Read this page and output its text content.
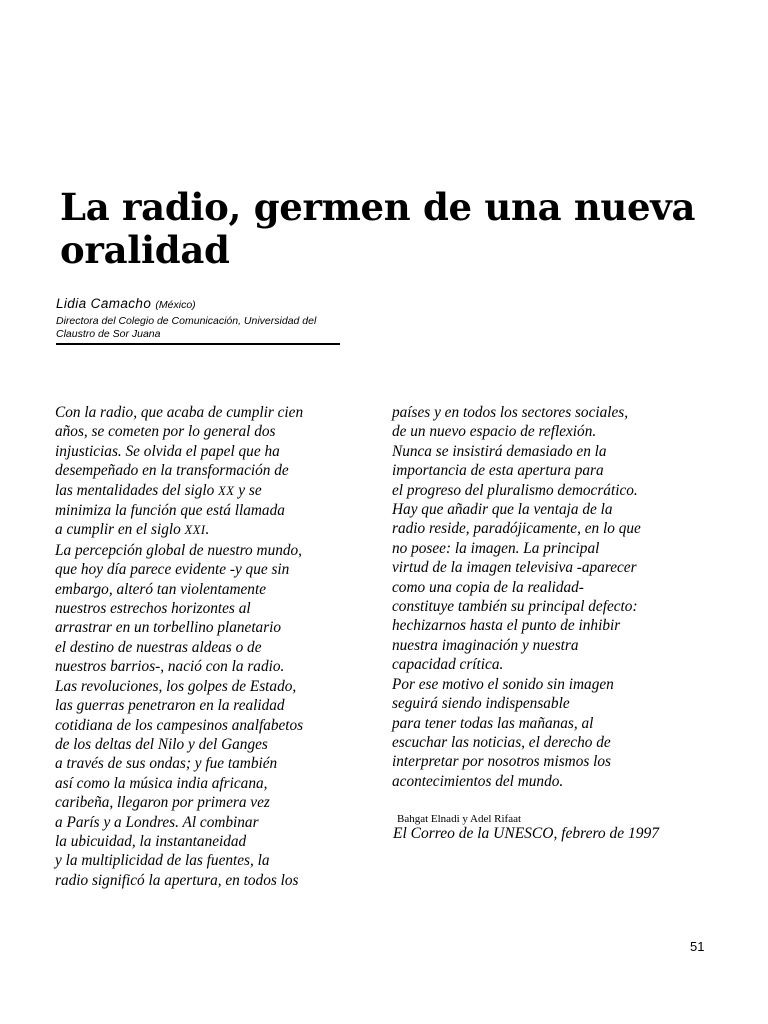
La radio, germen de una nueva
oralidad
Lidia Camacho (México)
Directora del Colegio de Comunicación, Universidad del
Claustro de Sor Juana
Con la radio, que acaba de cumplir cien
años, se cometen por lo general dos
injusticias. Se olvida el papel que ha
desempeñado en la transformación de
las mentalidades del siglo XX y se
minimiza la función que está llamada
a cumplir en el siglo XXI.
La percepción global de nuestro mundo,
que hoy día parece evidente -y que sin
embargo, alteró tan violentamente
nuestros estrechos horizontes al
arrastrar en un torbellino planetario
el destino de nuestras aldeas o de
nuestros barrios-, nació con la radio.
Las revoluciones, los golpes de Estado,
las guerras penetraron en la realidad
cotidiana de los campesinos analfabetos
de los deltas del Nilo y del Ganges
a través de sus ondas; y fue también
así como la música india africana,
caribeña, llegaron por primera vez
a París y a Londres. Al combinar
la ubicuidad, la instantaneidad
y la multiplicidad de las fuentes, la
radio significó la apertura, en todos los
países y en todos los sectores sociales,
de un nuevo espacio de reflexión.
Nunca se insistirá demasiado en la
importancia de esta apertura para
el progreso del pluralismo democrático.
Hay que añadir que la ventaja de la
radio reside, paradójicamente, en lo que
no posee: la imagen. La principal
virtud de la imagen televisiva -aparecer
como una copia de la realidad-
constituye también su principal defecto:
hechizarnos hasta el punto de inhibir
nuestra imaginación y nuestra
capacidad crítica.
Por ese motivo el sonido sin imagen
seguirá siendo indispensable
para tener todas las mañanas, al
escuchar las noticias, el derecho de
interpretar por nosotros mismos los
acontecimientos del mundo.
Bahgat Elnadi y Adel Rifaat
El Correo de la UNESCO, febrero de 1997
51
